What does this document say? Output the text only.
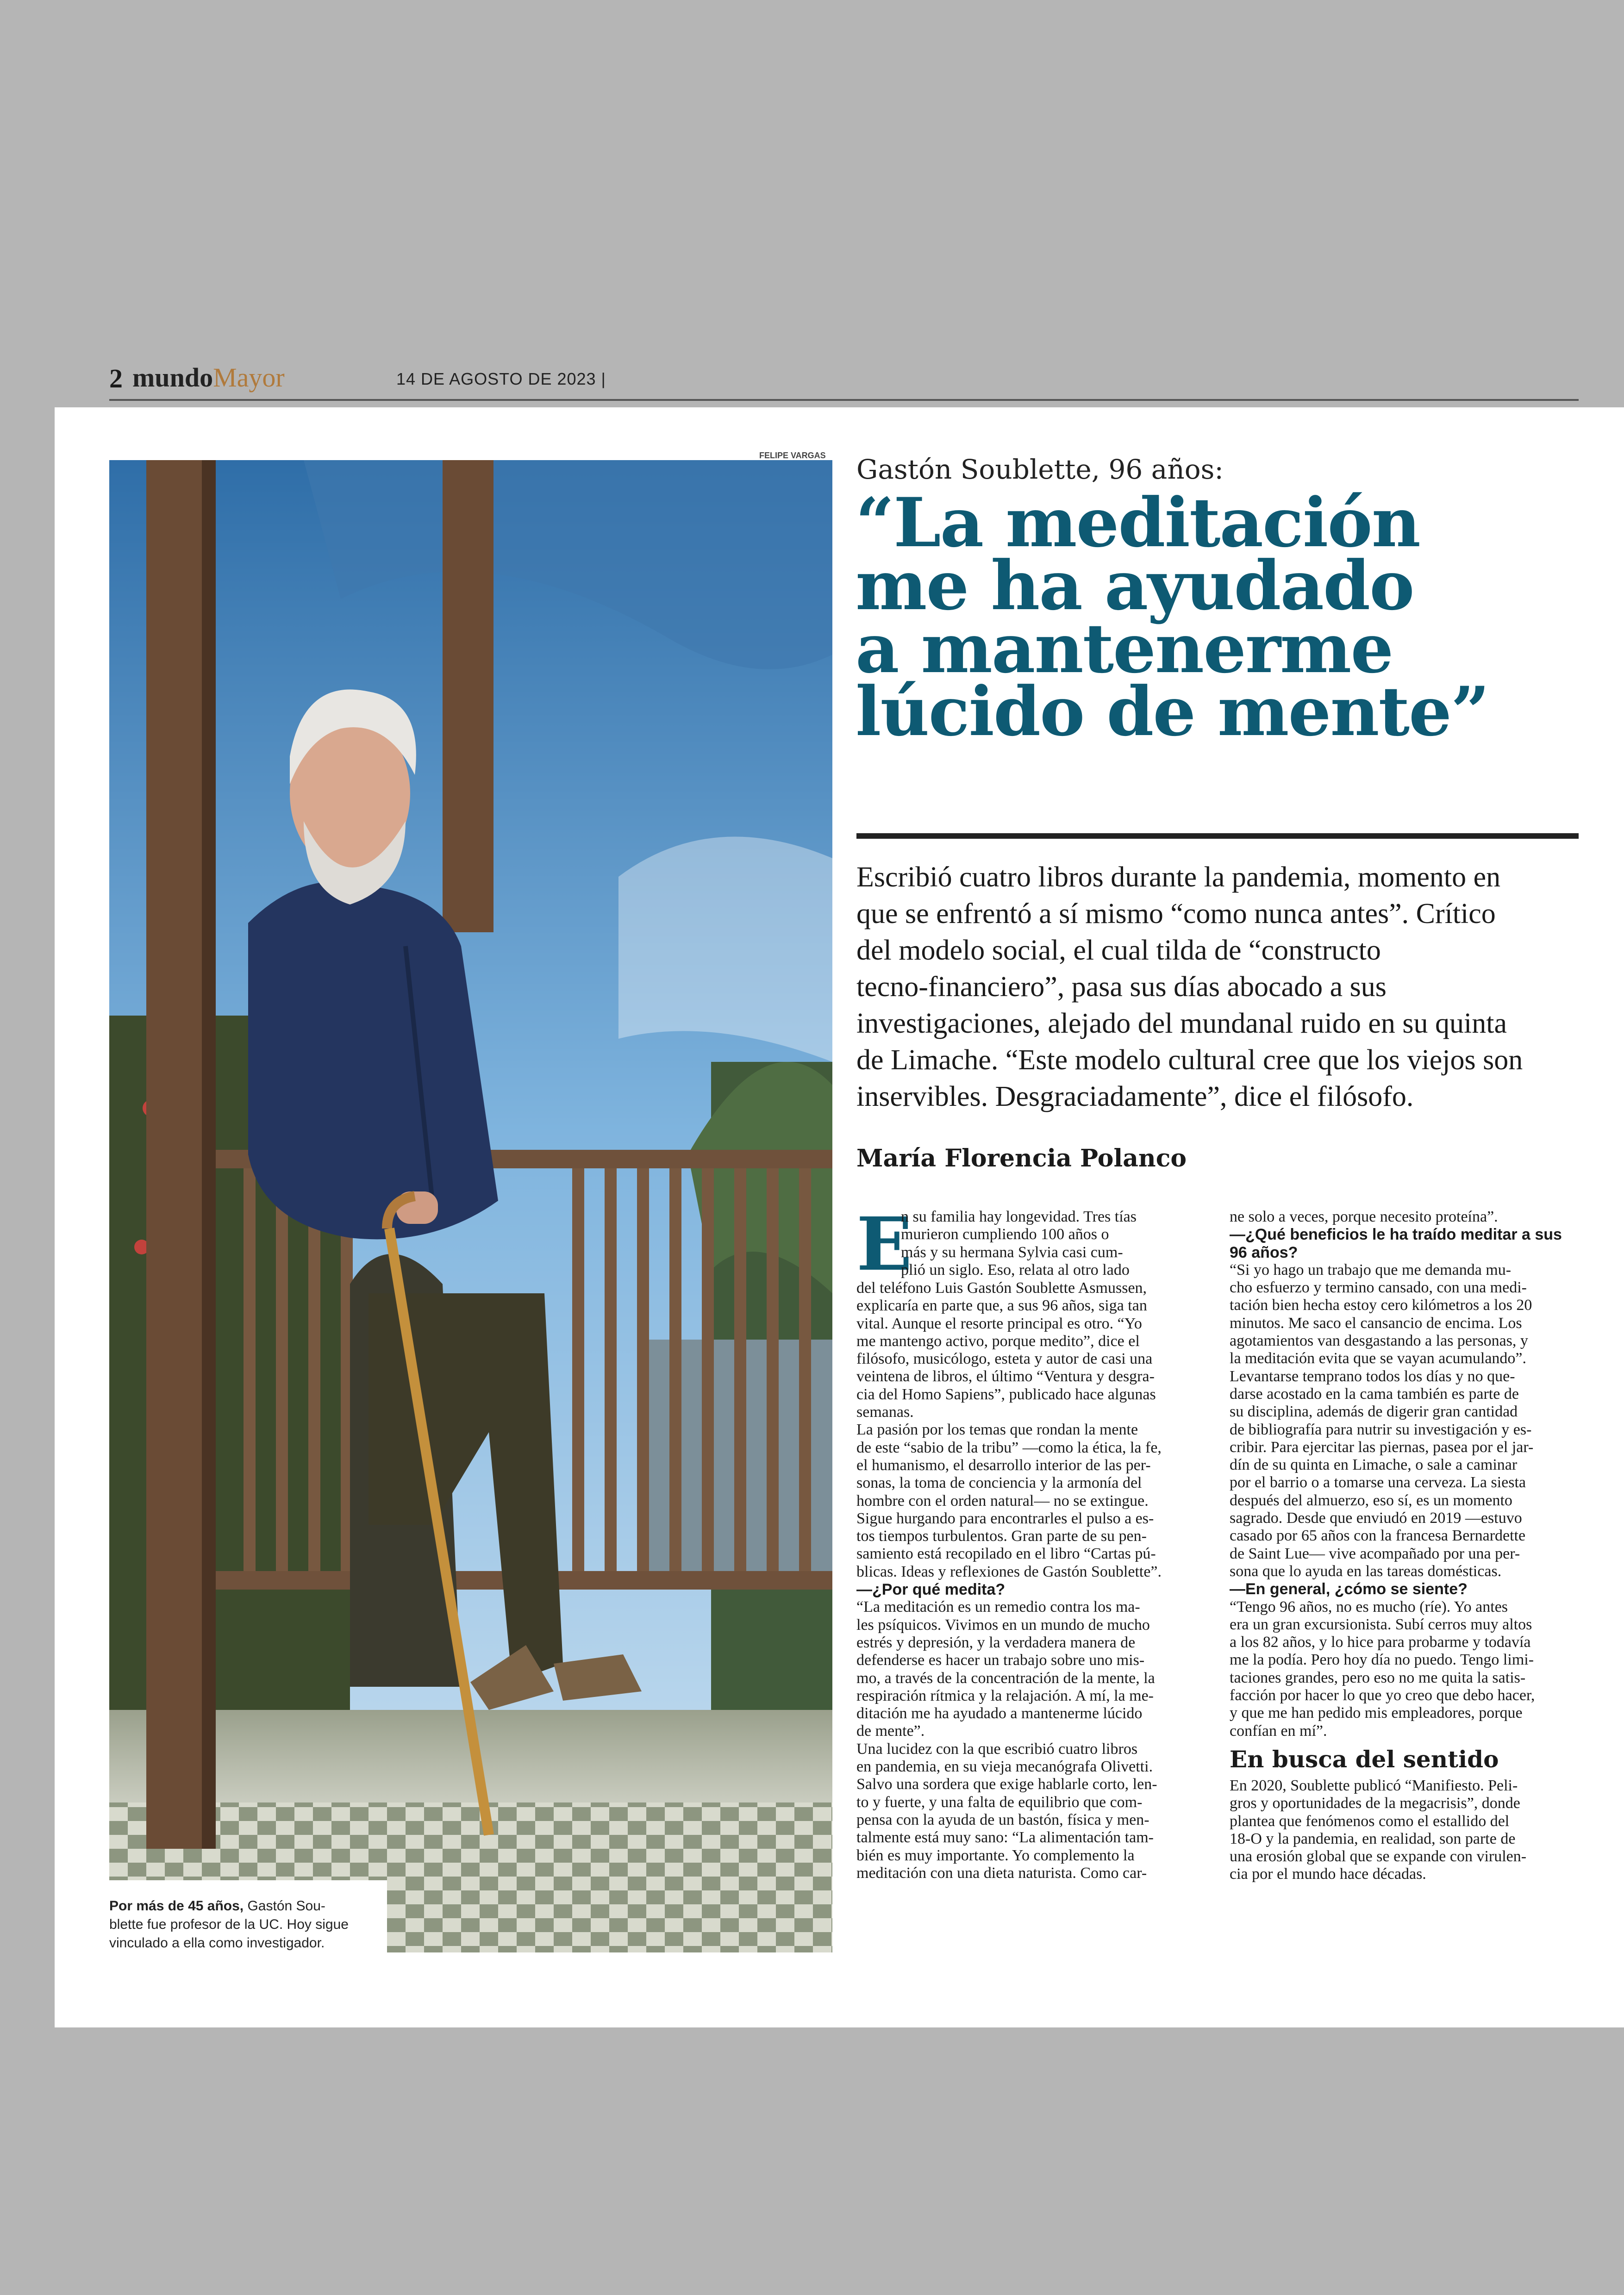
2 mundoMayor	14 DE AGOSTO DE 2023 |
FELIPE VARGAS
Por más de 45 años, Gastón Sou-
blette fue profesor de la UC. Hoy sigue
vinculado a ella como investigador.
Gastón Soublette, 96 años:
“La meditación
me ha ayudado
a mantenerme
lúcido de mente”
Escribió cuatro libros durante la pandemia, momento en
que se enfrentó a sí mismo “como nunca antes”. Crítico
del modelo social, el cual tilda de “constructo
tecno-financiero”, pasa sus días abocado a sus
investigaciones, alejado del mundanal ruido en su quinta
de Limache. “Este modelo cultural cree que los viejos son
inservibles. Desgraciadamente”, dice el filósofo.
María Florencia Polanco
E
n su familia hay longevidad. Tres tías
murieron cumpliendo 100 años o
más y su hermana Sylvia casi cum-
plió un siglo. Eso, relata al otro lado
del teléfono Luis Gastón Soublette Asmussen,
explicaría en parte que, a sus 96 años, siga tan
vital. Aunque el resorte principal es otro. “Yo
me mantengo activo, porque medito”, dice el
filósofo, musicólogo, esteta y autor de casi una
veintena de libros, el último “Ventura y desgra-
cia del Homo Sapiens”, publicado hace algunas
semanas.
La pasión por los temas que rondan la mente
de este “sabio de la tribu” —como la ética, la fe,
el humanismo, el desarrollo interior de las per-
sonas, la toma de conciencia y la armonía del
hombre con el orden natural— no se extingue.
Sigue hurgando para encontrarles el pulso a es-
tos tiempos turbulentos. Gran parte de su pen-
samiento está recopilado en el libro “Cartas pú-
blicas. Ideas y reflexiones de Gastón Soublette”.
—¿Por qué medita?
“La meditación es un remedio contra los ma-
les psíquicos. Vivimos en un mundo de mucho
estrés y depresión, y la verdadera manera de
defenderse es hacer un trabajo sobre uno mis-
mo, a través de la concentración de la mente, la
respiración rítmica y la relajación. A mí, la me-
ditación me ha ayudado a mantenerme lúcido
de mente”.
Una lucidez con la que escribió cuatro libros
en pandemia, en su vieja mecanógrafa Olivetti.
Salvo una sordera que exige hablarle corto, len-
to y fuerte, y una falta de equilibrio que com-
pensa con la ayuda de un bastón, física y men-
talmente está muy sano: “La alimentación tam-
bién es muy importante. Yo complemento la
meditación con una dieta naturista. Como car-
ne solo a veces, porque necesito proteína”.
—¿Qué beneficios le ha traído meditar a sus
96 años?
“Si yo hago un trabajo que me demanda mu-
cho esfuerzo y termino cansado, con una medi-
tación bien hecha estoy cero kilómetros a los 20
minutos. Me saco el cansancio de encima. Los
agotamientos van desgastando a las personas, y
la meditación evita que se vayan acumulando”.
Levantarse temprano todos los días y no que-
darse acostado en la cama también es parte de
su disciplina, además de digerir gran cantidad
de bibliografía para nutrir su investigación y es-
cribir. Para ejercitar las piernas, pasea por el jar-
dín de su quinta en Limache, o sale a caminar
por el barrio o a tomarse una cerveza. La siesta
después del almuerzo, eso sí, es un momento
sagrado. Desde que enviudó en 2019 —estuvo
casado por 65 años con la francesa Bernardette
de Saint Lue— vive acompañado por una per-
sona que lo ayuda en las tareas domésticas.
—En general, ¿cómo se siente?
“Tengo 96 años, no es mucho (ríe). Yo antes
era un gran excursionista. Subí cerros muy altos
a los 82 años, y lo hice para probarme y todavía
me la podía. Pero hoy día no puedo. Tengo limi-
taciones grandes, pero eso no me quita la satis-
facción por hacer lo que yo creo que debo hacer,
y que me han pedido mis empleadores, porque
confían en mí”.
En busca del sentido
En 2020, Soublette publicó “Manifiesto. Peli-
gros y oportunidades de la megacrisis”, donde
plantea que fenómenos como el estallido del
18-O y la pandemia, en realidad, son parte de
una erosión global que se expande con virulen-
cia por el mundo hace décadas.
